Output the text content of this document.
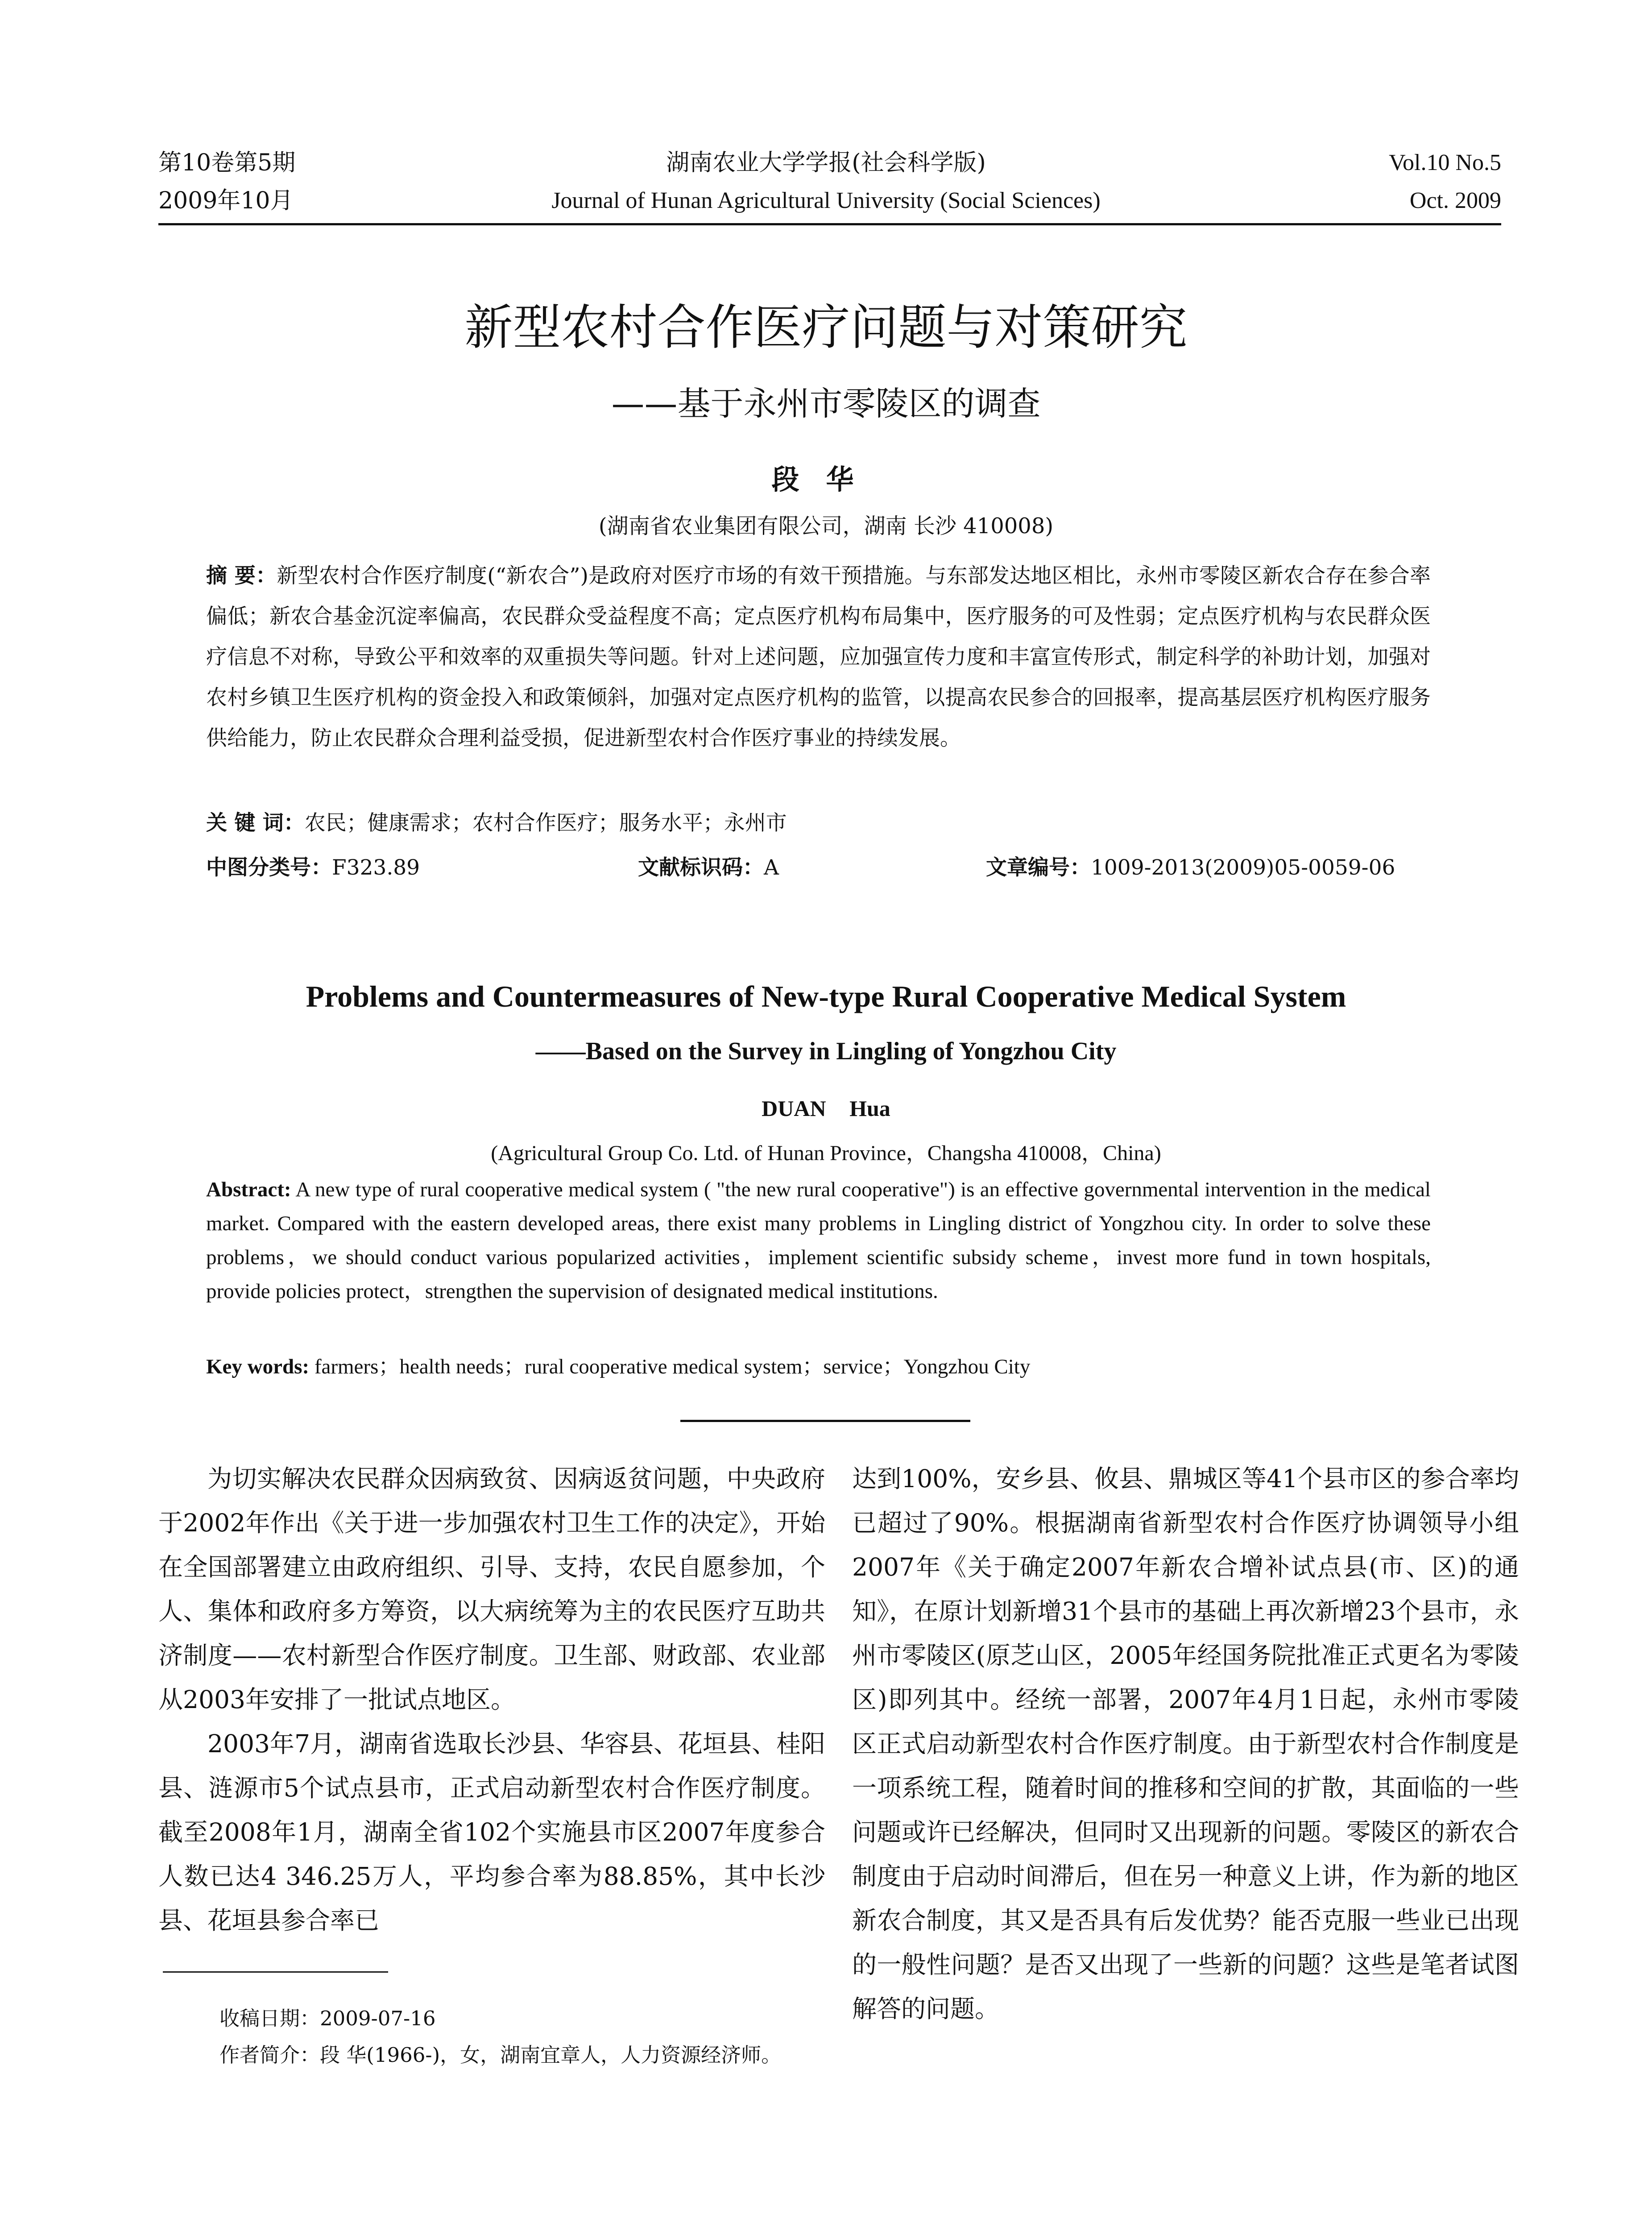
第10卷第5期
2009年10月
湖南农业大学学报(社会科学版)
Journal of Hunan Agricultural University (Social Sciences)
Vol.10 No.5
Oct. 2009
新型农村合作医疗问题与对策研究
——基于永州市零陵区的调查
段华
(湖南省农业集团有限公司，湖南 长沙 410008)
摘 要：新型农村合作医疗制度(“新农合”)是政府对医疗市场的有效干预措施。与东部发达地区相比，永州市零陵区新农合存在参合率偏低；新农合基金沉淀率偏高，农民群众受益程度不高；定点医疗机构布局集中，医疗服务的可及性弱；定点医疗机构与农民群众医疗信息不对称，导致公平和效率的双重损失等问题。针对上述问题，应加强宣传力度和丰富宣传形式，制定科学的补助计划，加强对农村乡镇卫生医疗机构的资金投入和政策倾斜，加强对定点医疗机构的监管，以提高农民参合的回报率，提高基层医疗机构医疗服务供给能力，防止农民群众合理利益受损，促进新型农村合作医疗事业的持续发展。
关 键 词：农民；健康需求；农村合作医疗；服务水平；永州市
中图分类号：F323.89	文献标识码：A	文章编号：1009-2013(2009)05-0059-06
Problems and Countermeasures of New-type Rural Cooperative Medical System
——Based on the Survey in Lingling of Yongzhou City
DUAN Hua
(Agricultural Group Co. Ltd. of Hunan Province，Changsha 410008，China)
Abstract: A new type of rural cooperative medical system ( "the new rural cooperative") is an effective governmental intervention in the medical market. Compared with the eastern developed areas, there exist many problems in Lingling district of Yongzhou city. In order to solve these problems，we should conduct various popularized activities，implement scientific subsidy scheme，invest more fund in town hospitals, provide policies protect，strengthen the supervision of designated medical institutions.
Key words: farmers；health needs；rural cooperative medical system；service；Yongzhou City

为切实解决农民群众因病致贫、因病返贫问题，中央政府于2002年作出《关于进一步加强农村卫生工作的决定》，开始在全国部署建立由政府组织、引导、支持，农民自愿参加，个人、集体和政府多方筹资，以大病统筹为主的农民医疗互助共济制度——农村新型合作医疗制度。卫生部、财政部、农业部从2003年安排了一批试点地区。

2003年7月，湖南省选取长沙县、华容县、花垣县、桂阳县、涟源市5个试点县市，正式启动新型农村合作医疗制度。截至2008年1月，湖南全省102个实施县市区2007年度参合人数已达4 346.25万人，平均参合率为88.85%，其中长沙县、花垣县参合率已

达到100%，安乡县、攸县、鼎城区等41个县市区的参合率均已超过了90%。根据湖南省新型农村合作医疗协调领导小组2007年《关于确定2007年新农合增补试点县(市、区)的通知》，在原计划新增31个县市的基础上再次新增23个县市，永州市零陵区(原芝山区，2005年经国务院批准正式更名为零陵区)即列其中。经统一部署，2007年4月1日起，永州市零陵区正式启动新型农村合作医疗制度。由于新型农村合作制度是一项系统工程，随着时间的推移和空间的扩散，其面临的一些问题或许已经解决，但同时又出现新的问题。零陵区的新农合制度由于启动时间滞后，但在另一种意义上讲，作为新的地区新农合制度，其又是否具有后发优势？能否克服一些业已出现的一般性问题？是否又出现了一些新的问题？这些是笔者试图解答的问题。

收稿日期：2009-07-16
作者简介：段 华(1966-)，女，湖南宜章人，人力资源经济师。
